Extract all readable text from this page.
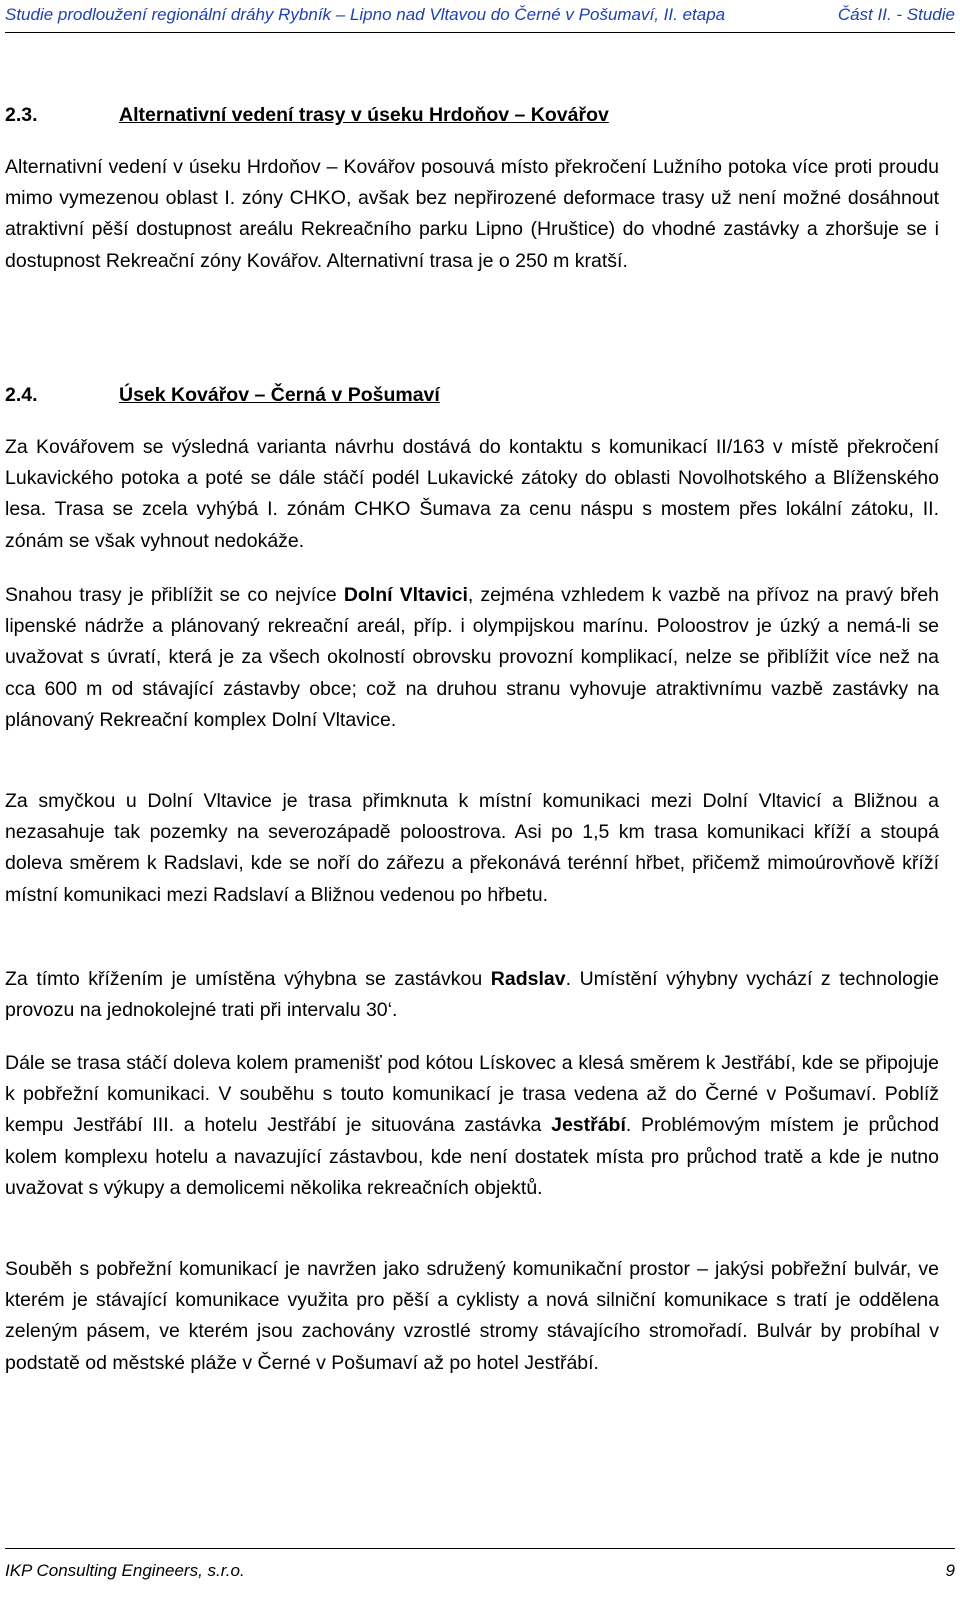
Studie prodloužení regionální dráhy Rybník – Lipno nad Vltavou do Černé v Pošumaví, II. etapa	Část II. - Studie
2.3.	Alternativní vedení trasy v úseku Hrdoňov – Kovářov

Alternativní vedení v úseku Hrdoňov – Kovářov posouvá místo překročení Lužního potoka více proti proudu mimo vymezenou oblast I. zóny CHKO, avšak bez nepřirozené deformace trasy už není možné dosáhnout atraktivní pěší dostupnost areálu Rekreačního parku Lipno (Hruštice) do vhodné zastávky a zhoršuje se i dostupnost Rekreační zóny Kovářov. Alternativní trasa je o 250 m kratší.

2.4.	Úsek Kovářov – Černá v Pošumaví

Za Kovářovem se výsledná varianta návrhu dostává do kontaktu s komunikací II/163 v místě překročení Lukavického potoka a poté se dále stáčí podél Lukavické zátoky do oblasti Novolhotského a Blíženského lesa. Trasa se zcela vyhýbá I. zónám CHKO Šumava za cenu náspu s mostem přes lokální zátoku, II. zónám se však vyhnout nedokáže.

Snahou trasy je přiblížit se co nejvíce Dolní Vltavici, zejména vzhledem k vazbě na přívoz na pravý břeh lipenské nádrže a plánovaný rekreační areál, příp. i olympijskou marínu. Poloostrov je úzký a nemá-li se uvažovat s úvratí, která je za všech okolností obrovsku provozní komplikací, nelze se přiblížit více než na cca 600 m od stávající zástavby obce; což na druhou stranu vyhovuje atraktivnímu vazbě zastávky na plánovaný Rekreační komplex Dolní Vltavice.

Za smyčkou u Dolní Vltavice je trasa přimknuta k místní komunikaci mezi Dolní Vltavicí a Bližnou a nezasahuje tak pozemky na severozápadě poloostrova. Asi po 1,5 km trasa komunikaci kříží a stoupá doleva směrem k Radslavi, kde se noří do zářezu a překonává terénní hřbet, přičemž mimoúrovňově kříží místní komunikaci mezi Radslaví a Bližnou vedenou po hřbetu.

Za tímto křížením je umístěna výhybna se zastávkou Radslav. Umístění výhybny vychází z technologie provozu na jednokolejné trati při intervalu 30‘.

Dále se trasa stáčí doleva kolem pramenišť pod kótou Lískovec a klesá směrem k Jestřábí, kde se připojuje k pobřežní komunikaci. V souběhu s touto komunikací je trasa vedena až do Černé v Pošumaví. Poblíž kempu Jestřábí III. a hotelu Jestřábí je situována zastávka Jestřábí. Problémovým místem je průchod kolem komplexu hotelu a navazující zástavbou, kde není dostatek místa pro průchod tratě a kde je nutno uvažovat s výkupy a demolicemi několika rekreačních objektů.

Souběh s pobřežní komunikací je navržen jako sdružený komunikační prostor – jakýsi pobřežní bulvár, ve kterém je stávající komunikace využita pro pěší a cyklisty a nová silniční komunikace s tratí je oddělena zeleným pásem, ve kterém jsou zachovány vzrostlé stromy stávajícího stromořadí. Bulvár by probíhal v podstatě od městské pláže v Černé v Pošumaví až po hotel Jestřábí.

IKP Consulting Engineers, s.r.o.	9
